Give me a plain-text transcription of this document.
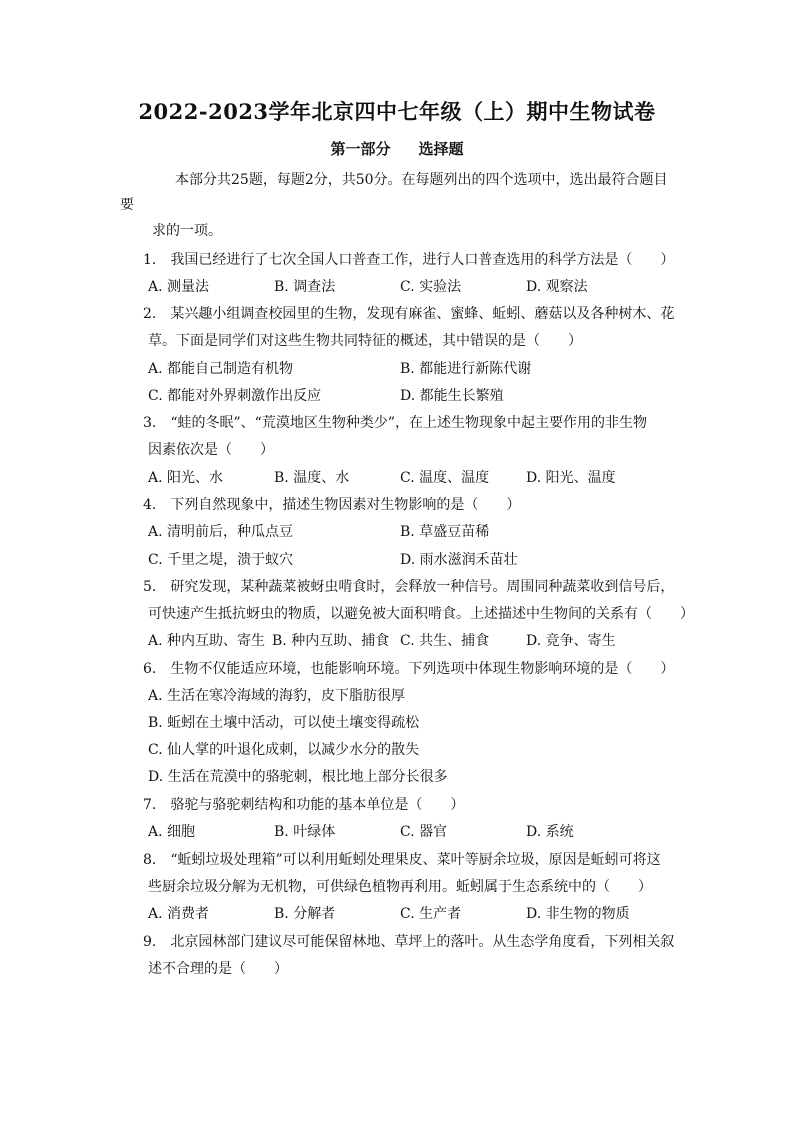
2022-2023学年北京四中七年级（上）期中生物试卷
第一部分 选择题
本部分共25题，每题2分，共50分。在每题列出的四个选项中，选出最符合题目
要
求的一项。
1.　我国已经进行了七次全国人口普查工作，进行人口普查选用的科学方法是（　　）
A. 测量法	B. 调查法	C. 实验法	D. 观察法
2.　某兴趣小组调查校园里的生物，发现有麻雀、蜜蜂、蚯蚓、蘑菇以及各种树木、花
草。下面是同学们对这些生物共同特征的概述，其中错误的是（　　）
A. 都能自己制造有机物	B. 都能进行新陈代谢
C. 都能对外界刺激作出反应	D. 都能生长繁殖
3.　“蛙的冬眠”、“荒漠地区生物种类少”，在上述生物现象中起主要作用的非生物
因素依次是（　　）
A. 阳光、水	B. 温度、水	C. 温度、温度	D. 阳光、温度
4.　下列自然现象中，描述生物因素对生物影响的是（　　）
A. 清明前后，种瓜点豆	B. 草盛豆苗稀
C. 千里之堤，溃于蚁穴	D. 雨水滋润禾苗壮
5.　研究发现，某种蔬菜被蚜虫啃食时，会释放一种信号。周围同种蔬菜收到信号后，
可快速产生抵抗蚜虫的物质，以避免被大面积啃食。上述描述中生物间的关系有（　　）
A. 种内互助、寄生 B. 种内互助、捕食 C. 共生、捕食	D. 竞争、寄生
6.　生物不仅能适应环境，也能影响环境。下列选项中体现生物影响环境的是（　　）
A. 生活在寒冷海域的海豹，皮下脂肪很厚
B. 蚯蚓在土壤中活动，可以使土壤变得疏松
C. 仙人掌的叶退化成刺，以减少水分的散失
D. 生活在荒漠中的骆驼刺，根比地上部分长很多
7.　骆驼与骆驼刺结构和功能的基本单位是（　　）
A. 细胞	B. 叶绿体	C. 器官	D. 系统
8.　“蚯蚓垃圾处理箱”可以利用蚯蚓处理果皮、菜叶等厨余垃圾，原因是蚯蚓可将这
些厨余垃圾分解为无机物，可供绿色植物再利用。蚯蚓属于生态系统中的（　　）
A. 消费者	B. 分解者	C. 生产者	D. 非生物的物质
9.　北京园林部门建议尽可能保留林地、草坪上的落叶。从生态学角度看，下列相关叙
述不合理的是（　　）
